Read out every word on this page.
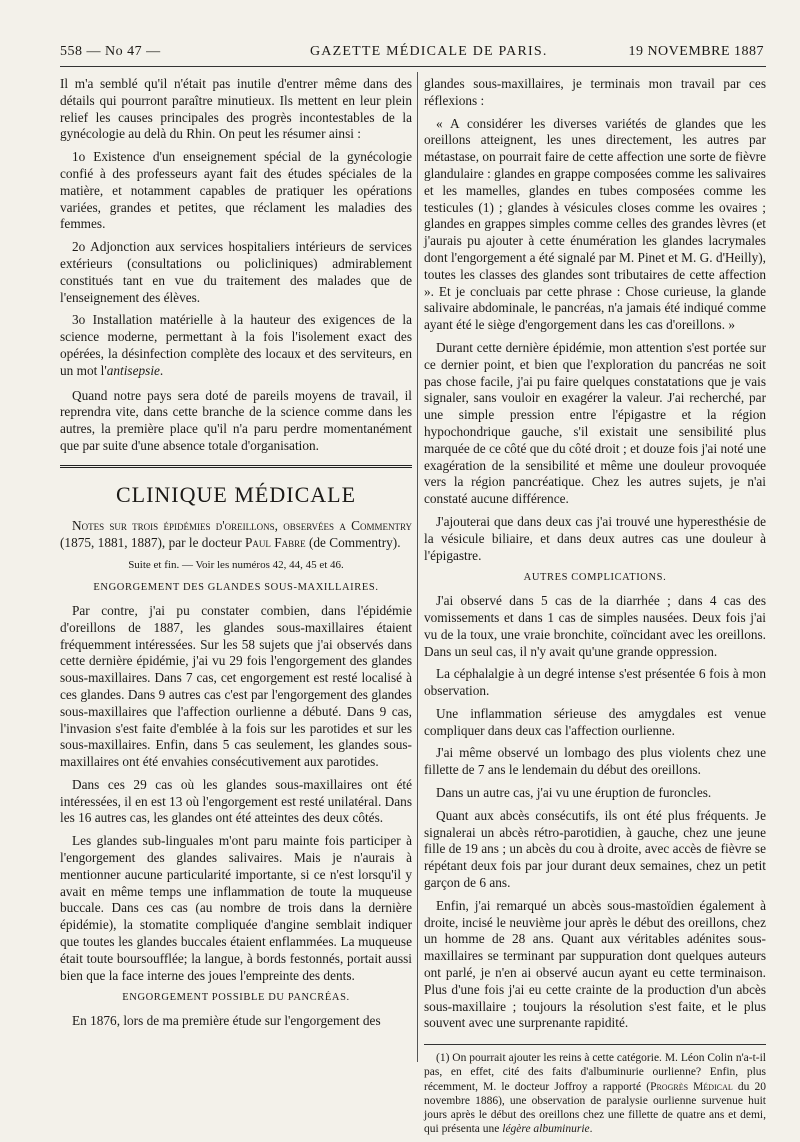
558 — No 47 —	GAZETTE MÉDICALE DE PARIS.	19 NOVEMBRE 1887

Il m'a semblé qu'il n'était pas inutile d'entrer même dans des détails qui pourront paraître minutieux. Ils mettent en leur plein relief les causes principales des progrès incontestables de la gynécologie au delà du Rhin. On peut les résumer ainsi :

1o Existence d'un enseignement spécial de la gynécologie confié à des professeurs ayant fait des études spéciales de la matière, et notamment capables de pratiquer les opérations variées, grandes et petites, que réclament les maladies des femmes.

2o Adjonction aux services hospitaliers intérieurs de services extérieurs (consultations ou policliniques) admirablement constitués tant en vue du traitement des malades que de l'enseignement des élèves.

3o Installation matérielle à la hauteur des exigences de la science moderne, permettant à la fois l'isolement exact des opérées, la désinfection complète des locaux et des serviteurs, en un mot l'antisepsie.

Quand notre pays sera doté de pareils moyens de travail, il reprendra vite, dans cette branche de la science comme dans les autres, la première place qu'il n'a paru perdre momentanément que par suite d'une absence totale d'organisation.

CLINIQUE MÉDICALE

Notes sur trois épidémies d'oreillons, observées a Commentry (1875, 1881, 1887), par le docteur Paul Fabre (de Commentry).

Suite et fin. — Voir les numéros 42, 44, 45 et 46.
ENGORGEMENT DES GLANDES SOUS-MAXILLAIRES.

Par contre, j'ai pu constater combien, dans l'épidémie d'oreillons de 1887, les glandes sous-maxillaires étaient fréquemment intéressées. Sur les 58 sujets que j'ai observés dans cette dernière épidémie, j'ai vu 29 fois l'engorgement des glandes sous-maxillaires. Dans 7 cas, cet engorgement est resté localisé à ces glandes. Dans 9 autres cas c'est par l'engorgement des glandes sous-maxillaires que l'affection ourlienne a débuté. Dans 9 cas, l'invasion s'est faite d'emblée à la fois sur les parotides et sur les sous-maxillaires. Enfin, dans 5 cas seulement, les glandes sous-maxillaires ont été envahies consécutivement aux parotides.

Dans ces 29 cas où les glandes sous-maxillaires ont été intéressées, il en est 13 où l'engorgement est resté unilatéral. Dans les 16 autres cas, les glandes ont été atteintes des deux côtés.

Les glandes sub-linguales m'ont paru mainte fois participer à l'engorgement des glandes salivaires. Mais je n'aurais à mentionner aucune particularité importante, si ce n'est lorsqu'il y avait en même temps une inflammation de toute la muqueuse buccale. Dans ces cas (au nombre de trois dans la dernière épidémie), la stomatite compliquée d'angine semblait indiquer que toutes les glandes buccales étaient enflammées. La muqueuse était toute boursoufflée; la langue, à bords festonnés, portait aussi bien que la face interne des joues l'empreinte des dents.

ENGORGEMENT POSSIBLE DU PANCRÉAS.

En 1876, lors de ma première étude sur l'engorgement des

glandes sous-maxillaires, je terminais mon travail par ces réflexions :

« A considérer les diverses variétés de glandes que les oreillons atteignent, les unes directement, les autres par métastase, on pourrait faire de cette affection une sorte de fièvre glandulaire : glandes en grappe composées comme les salivaires et les mamelles, glandes en tubes composées comme les testicules (1) ; glandes à vésicules closes comme les ovaires ; glandes en grappes simples comme celles des grandes lèvres (et j'aurais pu ajouter à cette énumération les glandes lacrymales dont l'engorgement a été signalé par M. Pinet et M. G. d'Heilly), toutes les classes des glandes sont tributaires de cette affection ». Et je concluais par cette phrase : Chose curieuse, la glande salivaire abdominale, le pancréas, n'a jamais été indiqué comme ayant été le siège d'engorgement dans les cas d'oreillons. »

Durant cette dernière épidémie, mon attention s'est portée sur ce dernier point, et bien que l'exploration du pancréas ne soit pas chose facile, j'ai pu faire quelques constatations que je vais signaler, sans vouloir en exagérer la valeur. J'ai recherché, par une simple pression entre l'épigastre et la région hypochondrique gauche, s'il existait une sensibilité plus marquée de ce côté que du côté droit ; et douze fois j'ai noté une exagération de la sensibilité et même une douleur provoquée vers la région pancréatique. Chez les autres sujets, je n'ai constaté aucune différence.

J'ajouterai que dans deux cas j'ai trouvé une hyperesthésie de la vésicule biliaire, et dans deux autres cas une douleur à l'épigastre.

AUTRES COMPLICATIONS.

J'ai observé dans 5 cas de la diarrhée ; dans 4 cas des vomissements et dans 1 cas de simples nausées. Deux fois j'ai vu de la toux, une vraie bronchite, coïncidant avec les oreillons. Dans un seul cas, il n'y avait qu'une grande oppression.

La céphalalgie à un degré intense s'est présentée 6 fois à mon observation.

Une inflammation sérieuse des amygdales est venue compliquer dans deux cas l'affection ourlienne.

J'ai même observé un lombago des plus violents chez une fillette de 7 ans le lendemain du début des oreillons.

Dans un autre cas, j'ai vu une éruption de furoncles.

Quant aux abcès consécutifs, ils ont été plus fréquents. Je signalerai un abcès rétro-parotidien, à gauche, chez une jeune fille de 19 ans ; un abcès du cou à droite, avec accès de fièvre se répétant deux fois par jour durant deux semaines, chez un petit garçon de 6 ans.

Enfin, j'ai remarqué un abcès sous-mastoïdien également à droite, incisé le neuvième jour après le début des oreillons, chez un homme de 28 ans. Quant aux véritables adénites sous-maxillaires se terminant par suppuration dont quelques auteurs ont parlé, je n'en ai observé aucun ayant eu cette terminaison. Plus d'une fois j'ai eu cette crainte de la production d'un abcès sous-maxillaire ; toujours la résolution s'est faite, et le plus souvent avec une surprenante rapidité.

(1) On pourrait ajouter les reins à cette catégorie. M. Léon Colin n'a-t-il pas, en effet, cité des faits d'albuminurie ourlienne? Enfin, plus récemment, M. le docteur Joffroy a rapporté (Progrès Médical du 20 novembre 1886), une observation de paralysie ourlienne survenue huit jours après le début des oreillons chez une fillette de quatre ans et demi, qui présenta une légère albuminurie.
